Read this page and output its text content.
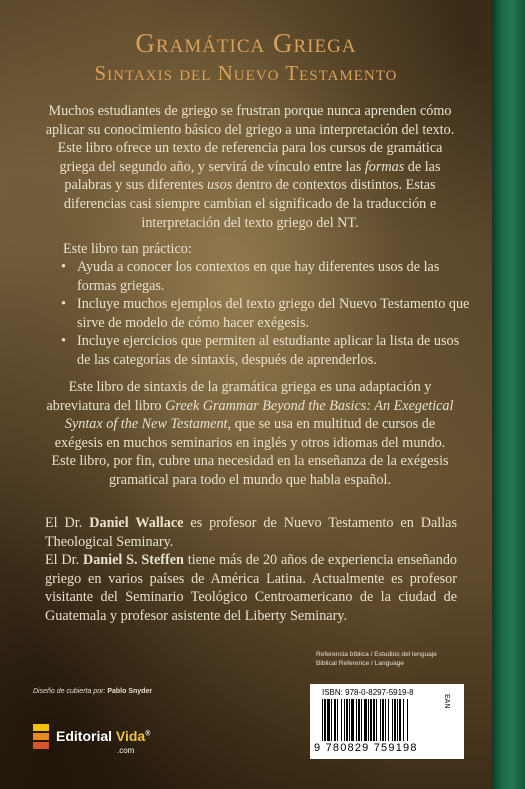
Gramática Griega
Sintaxis del Nuevo Testamento

Muchos estudiantes de griego se frustran porque nunca aprenden cómo aplicar su conocimiento básico del griego a una interpretación del texto. Este libro ofrece un texto de referencia para los cursos de gramática griega del segundo año, y servirá de vínculo entre las formas de las palabras y sus diferentes usos dentro de contextos distintos. Estas diferencias casi siempre cambian el significado de la traducción e interpretación del texto griego del NT.

Este libro tan práctico:

• Ayuda a conocer los contextos en que hay diferentes usos de las formas griegas.
• Incluye muchos ejemplos del texto griego del Nuevo Testamento que sirve de modelo de cómo hacer exégesis.
• Incluye ejercicios que permiten al estudiante aplicar la lista de usos de las categorías de sintaxis, después de aprenderlos.

Este libro de sintaxis de la gramática griega es una adaptación y abreviatura del libro Greek Grammar Beyond the Basics: An Exegetical Syntax of the New Testament, que se usa en multitud de cursos de exégesis en muchos seminarios en inglés y otros idiomas del mundo. Este libro, por fin, cubre una necesidad en la enseñanza de la exégesis gramatical para todo el mundo que habla español.

El Dr. Daniel Wallace es profesor de Nuevo Testamento en Dallas Theological Seminary.

El Dr. Daniel S. Steffen tiene más de 20 años de experiencia enseñando griego en varios países de América Latina. Actualmente es profesor visitante del Seminario Teológico Centroamericano de la ciudad de Guatemala y profesor asistente del Liberty Seminary.

Diseño de cubierta por: Pablo Snyder
Editorial Vida®
.com
Referencia bíblica / Estudios del lenguaje
Biblical Reference / Language
ISBN: 978-0-8297-5919-8
EAN
9 780829 759198
